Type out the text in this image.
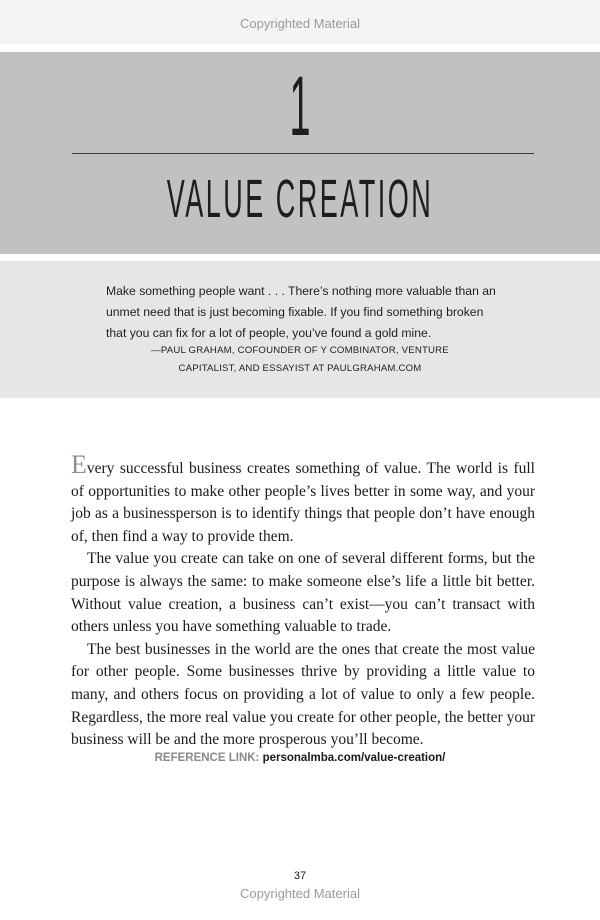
Copyrighted Material
1
VALUE CREATION
Make something people want . . . There’s nothing more valuable than an unmet need that is just becoming fixable. If you find something broken that you can fix for a lot of people, you’ve found a gold mine.
—PAUL GRAHAM, COFOUNDER OF Y COMBINATOR, VENTURE
CAPITALIST, AND ESSAYIST AT PAULGRAHAM.COM

Every successful business creates something of value. The world is full of opportunities to make other people’s lives better in some way, and your job as a businessperson is to identify things that people don’t have enough of, then find a way to provide them.

The value you create can take on one of several different forms, but the purpose is always the same: to make someone else’s life a little bit better. Without value creation, a business can’t exist—you can’t transact with others unless you have something valuable to trade.

The best businesses in the world are the ones that create the most value for other people. Some businesses thrive by providing a little value to many, and others focus on providing a lot of value to only a few people. Regardless, the more real value you create for other people, the better your business will be and the more prosperous you’ll become.

REFERENCE LINK: personalmba.com/value-creation/
37
Copyrighted Material
